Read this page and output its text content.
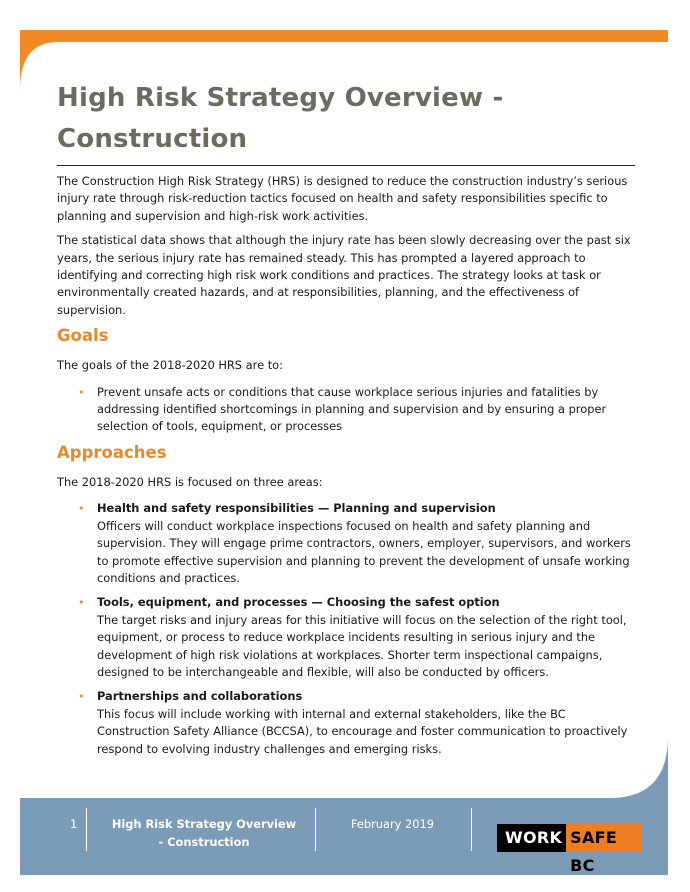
High Risk Strategy Overview - Construction

The Construction High Risk Strategy (HRS) is designed to reduce the construction industry’s serious injury rate through risk-reduction tactics focused on health and safety responsibilities specific to planning and supervision and high-risk work activities.

The statistical data shows that although the injury rate has been slowly decreasing over the past six years, the serious injury rate has remained steady. This has prompted a layered approach to identifying and correcting high risk work conditions and practices. The strategy looks at task or environmentally created hazards, and at responsibilities, planning, and the effectiveness of supervision.

Goals

The goals of the 2018-2020 HRS are to:

• Prevent unsafe acts or conditions that cause workplace serious injuries and fatalities by addressing identified shortcomings in planning and supervision and by ensuring a proper selection of tools, equipment, or processes
Approaches

The 2018-2020 HRS is focused on three areas:

• Health and safety responsibilities — Planning and supervision
Officers will conduct workplace inspections focused on health and safety planning and supervision. They will engage prime contractors, owners, employer, supervisors, and workers to promote effective supervision and planning to prevent the development of unsafe working conditions and practices.
• Tools, equipment, and processes — Choosing the safest option
The target risks and injury areas for this initiative will focus on the selection of the right tool, equipment, or process to reduce workplace incidents resulting in serious injury and the development of high risk violations at workplaces. Shorter term inspectional campaigns, designed to be interchangeable and flexible, will also be conducted by officers.
• Partnerships and collaborations
This focus will include working with internal and external stakeholders, like the BC Construction Safety Alliance (BCCSA), to encourage and foster communication to proactively respond to evolving industry challenges and emerging risks.
1	High Risk Strategy Overview
- Construction
February 2019
WORK SAFE BC
